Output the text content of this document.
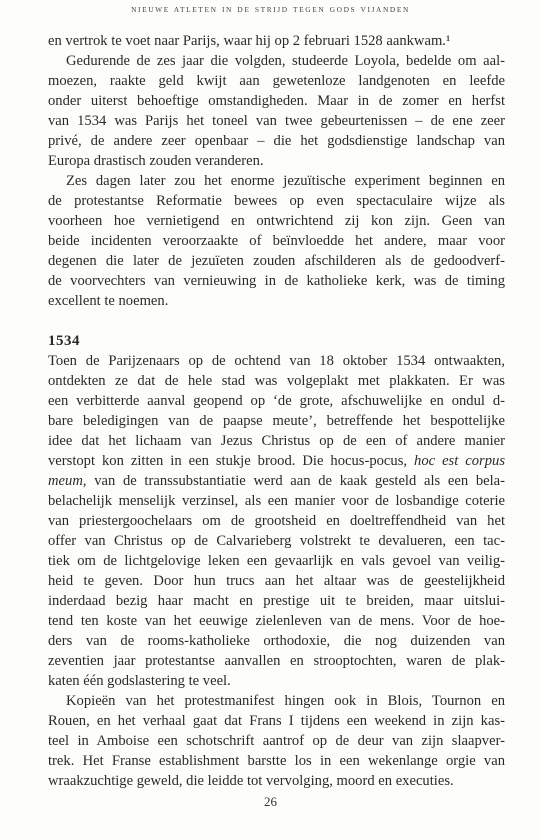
NIEUWE ATLETEN IN DE STRIJD TEGEN GODS VIJANDEN
en vertrok te voet naar Parijs, waar hij op 2 februari 1528 aankwam.¹
Gedurende de zes jaar die volgden, studeerde Loyola, bedelde om aal-
moezen, raakte geld kwijt aan gewetenloze landgenoten en leefde
onder uiterst behoeftige omstandigheden. Maar in de zomer en herfst
van 1534 was Parijs het toneel van twee gebeurtenissen – de ene zeer
privé, de andere zeer openbaar – die het godsdienstige landschap van
Europa drastisch zouden veranderen.
Zes dagen later zou het enorme jezuïtische experiment beginnen en
de protestantse Reformatie bewees op even spectaculaire wijze als
voorheen hoe vernietigend en ontwrichtend zij kon zijn. Geen van
beide incidenten veroorzaakte of beïnvloedde het andere, maar voor
degenen die later de jezuïeten zouden afschilderen als de gedoodverf-
de voorvechters van vernieuwing in de katholieke kerk, was de timing
excellent te noemen.
1534
Toen de Parijzenaars op de ochtend van 18 oktober 1534 ontwaakten,
ontdekten ze dat de hele stad was volgeplakt met plakkaten. Er was
een verbitterde aanval geopend op ‘de grote, afschuwelijke en ondul d-
bare beledigingen van de paapse meute’, betreffende het bespottelijke
idee dat het lichaam van Jezus Christus op de een of andere manier
verstopt kon zitten in een stukje brood. Die hocus-pocus, hoc est corpus
meum, van de transsubstantiatie werd aan de kaak gesteld als een bela-
belachelijk menselijk verzinsel, als een manier voor de losbandige coterie
van priestergoochelaars om de grootsheid en doeltreffendheid van het
offer van Christus op de Calvarieberg volstrekt te devalueren, een tac-
tiek om de lichtgelovige leken een gevaarlijk en vals gevoel van veilig-
heid te geven. Door hun trucs aan het altaar was de geestelijkheid
inderdaad bezig haar macht en prestige uit te breiden, maar uitslui-
tend ten koste van het eeuwige zielenleven van de mens. Voor de hoe-
ders van de rooms-katholieke orthodoxie, die nog duizenden van
zeventien jaar protestantse aanvallen en strooptochten, waren de plak-
katen één godslastering te veel.
Kopieën van het protestmanifest hingen ook in Blois, Tournon en
Rouen, en het verhaal gaat dat Frans I tijdens een weekend in zijn kas-
teel in Amboise een schotschrift aantrof op de deur van zijn slaapver-
trek. Het Franse establishment barstte los in een wekenlange orgie van
wraakzuchtige geweld, die leidde tot vervolging, moord en executies.
26
